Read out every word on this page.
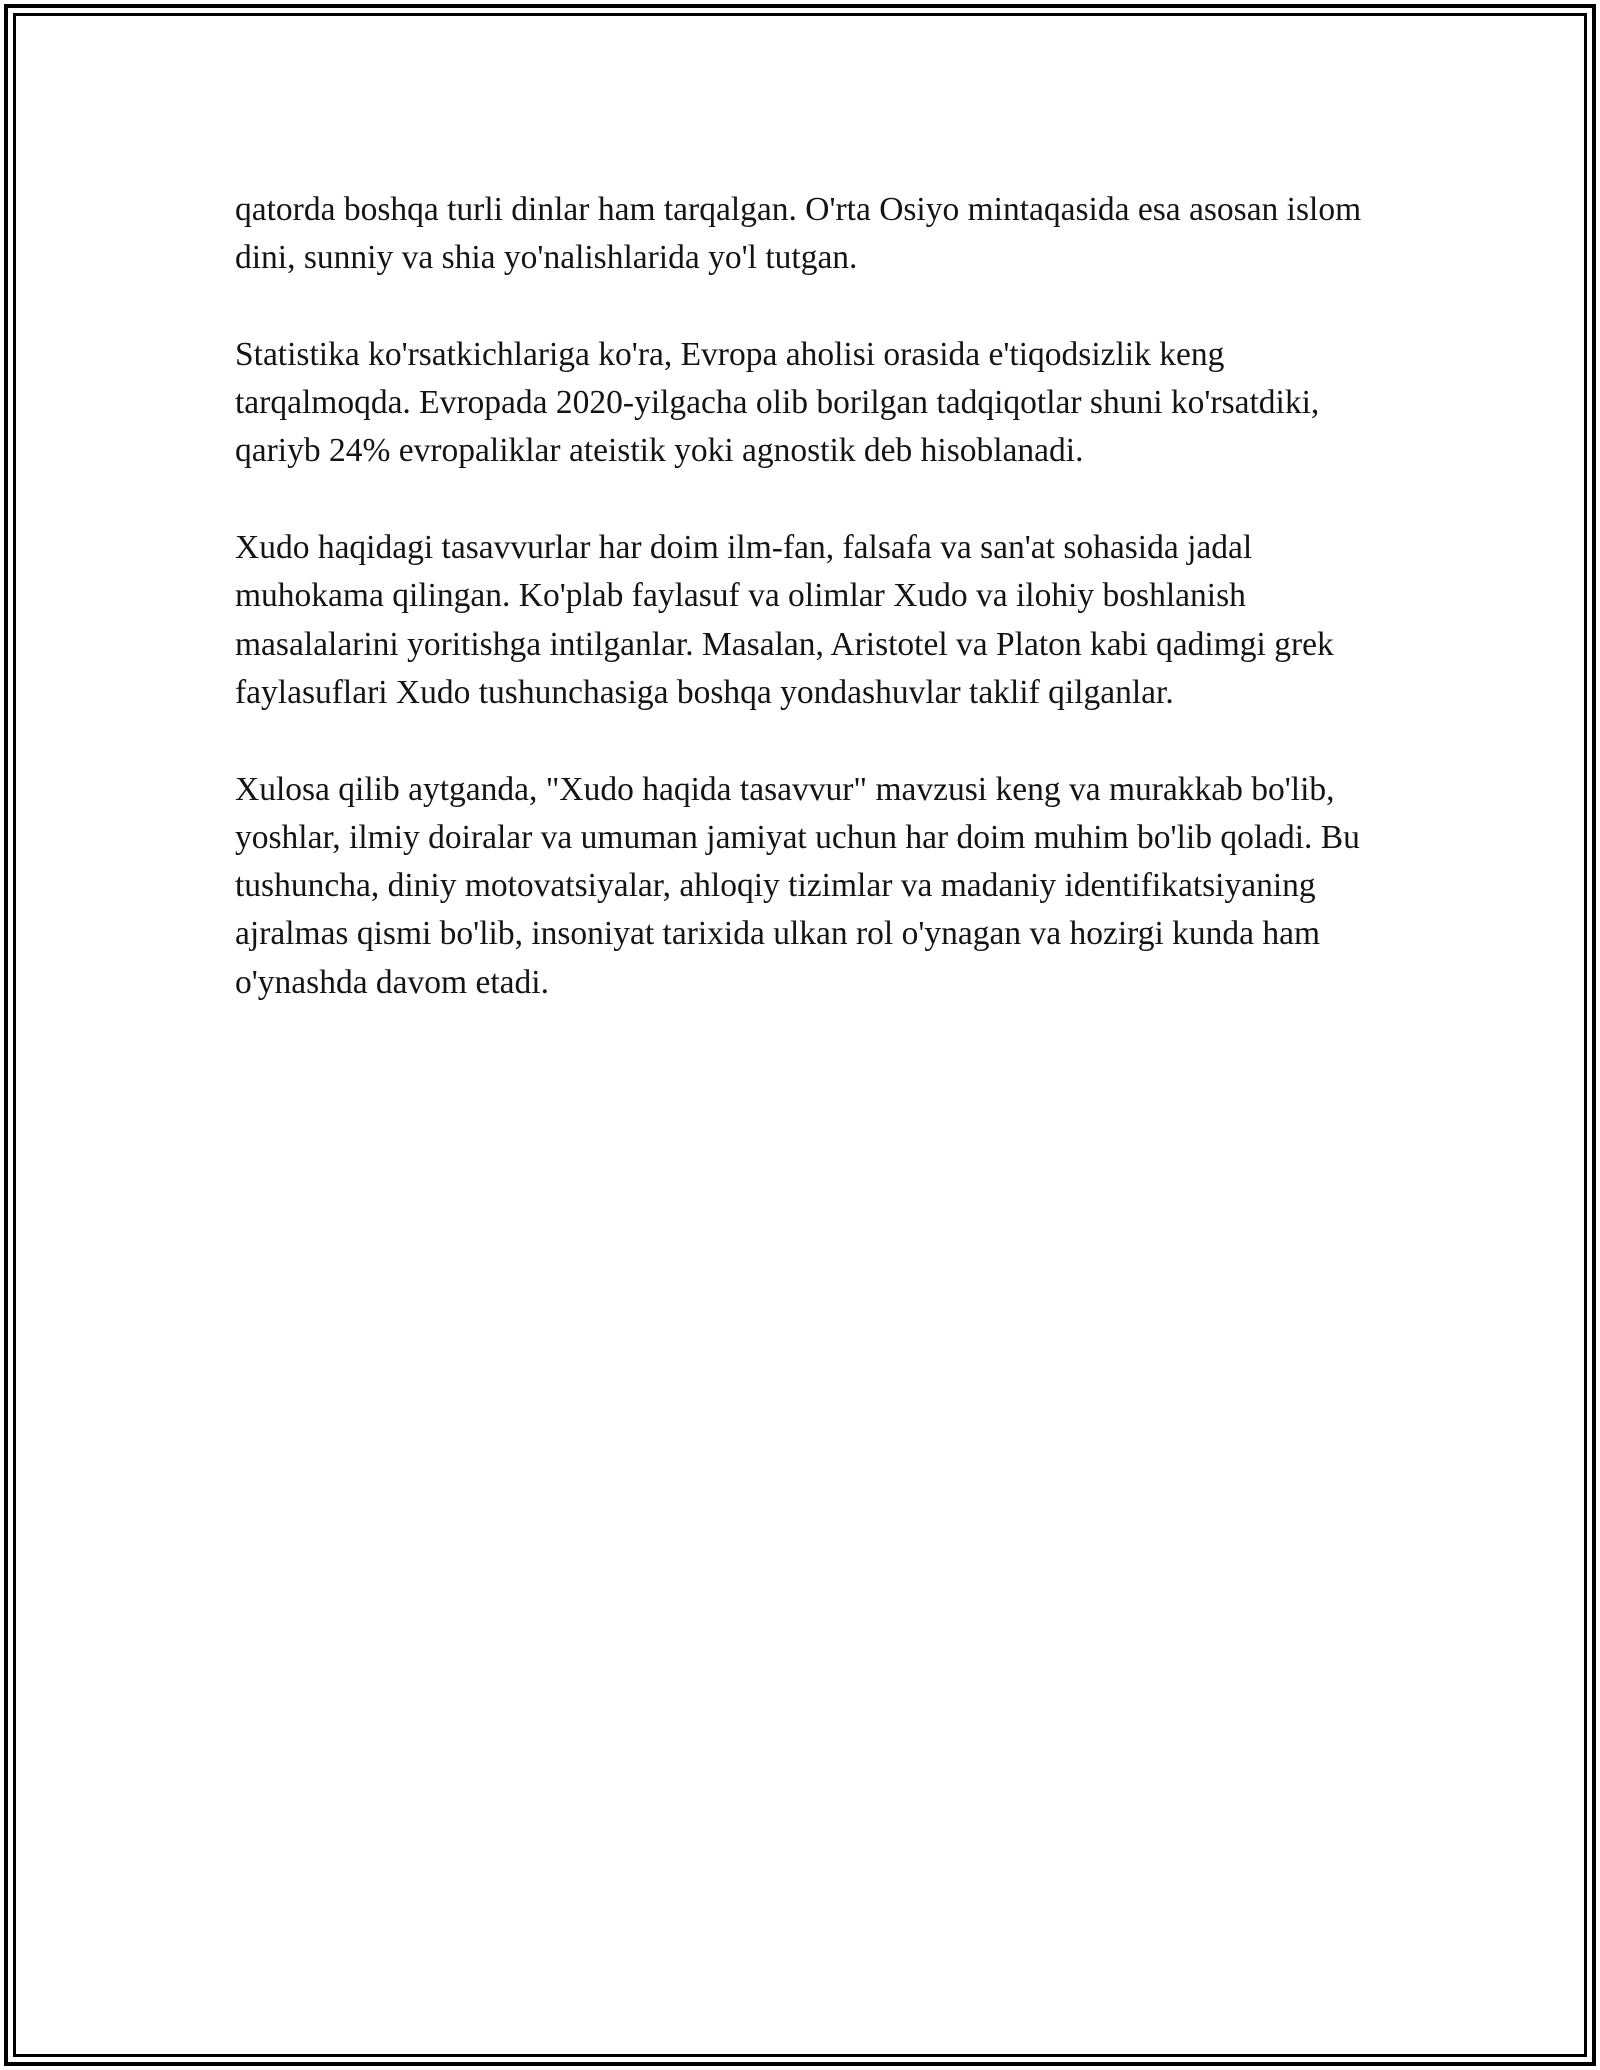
qatorda boshqa turli dinlar ham tarqalgan. O'rta Osiyo mintaqasida esa asosan islom dini, sunniy va shia yo'nalishlarida yo'l tutgan.

Statistika ko'rsatkichlariga ko'ra, Evropa aholisi orasida e'tiqodsizlik keng tarqalmoqda. Evropada 2020-yilgacha olib borilgan tadqiqotlar shuni ko'rsatdiki, qariyb 24% evropaliklar ateistik yoki agnostik deb hisoblanadi.

Xudo haqidagi tasavvurlar har doim ilm-fan, falsafa va san'at sohasida jadal muhokama qilingan. Ko'plab faylasuf va olimlar Xudo va ilohiy boshlanish masalalarini yoritishga intilganlar. Masalan, Aristotel va Platon kabi qadimgi grek faylasuflari Xudo tushunchasiga boshqa yondashuvlar taklif qilganlar.

Xulosa qilib aytganda, "Xudo haqida tasavvur" mavzusi keng va murakkab bo'lib, yoshlar, ilmiy doiralar va umuman jamiyat uchun har doim muhim bo'lib qoladi. Bu tushuncha, diniy motovatsiyalar, ahloqiy tizimlar va madaniy identifikatsiyaning ajralmas qismi bo'lib, insoniyat tarixida ulkan rol o'ynagan va hozirgi kunda ham o'ynashda davom etadi.
